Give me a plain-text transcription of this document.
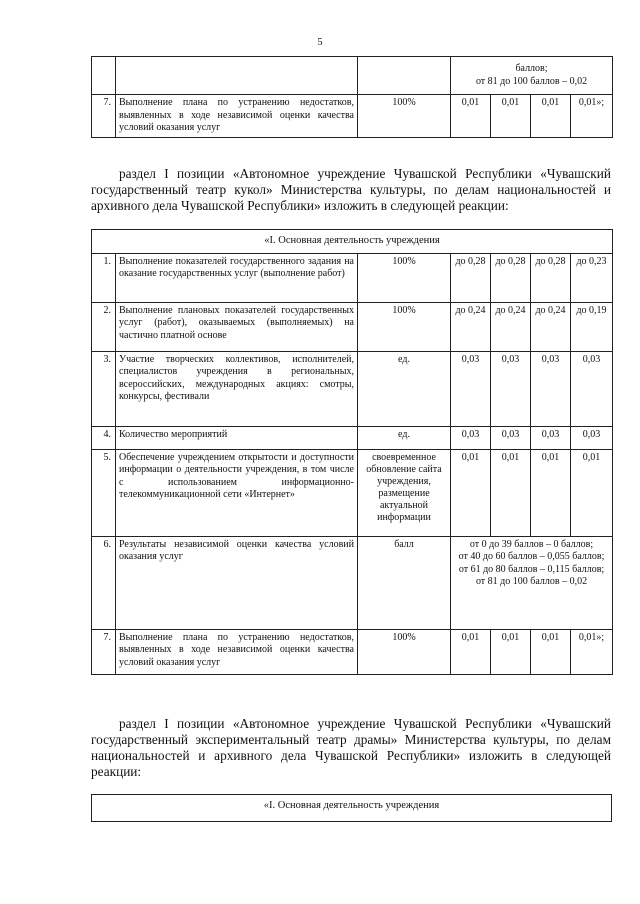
5

			баллов;
от 81 до 100 баллов – 0,02			

7.	Выполнение плана по устранению недостатков, выявленных в ходе независимой оценки качества условий оказания услуг	100%	0,01	0,01	0,01	0,01»;
раздел I позиции «Автономное учреждение Чувашской Республики «Чувашский государственный театр кукол» Министерства культуры, по делам национальностей и архивного дела Чувашской Республики» изложить в следующей реакции:
«I. Основная деятельность учреждения						
1.	Выполнение показателей государственного задания на оказание государственных услуг (выполнение работ)	100%	до 0,28	до 0,28	до 0,28	до 0,23
2.	Выполнение плановых показателей государственных услуг (работ), оказываемых (выполняемых) на частично платной основе	100%	до 0,24	до 0,24	до 0,24	до 0,19
3.	Участие творческих коллективов, исполнителей, специалистов учреждения в региональных, всероссийских, международных акциях: смотры, конкурсы, фестивали	ед.	0,03	0,03	0,03	0,03
4.	Количество мероприятий	ед.	0,03	0,03	0,03	0,03
5.	Обеспечение учреждением открытости и доступности информации о деятельности учреждения, в том числе с использованием информационно-телекоммуникационной сети «Интернет»	своевременное обновление сайта учреждения, размещение актуальной информации	0,01	0,01	0,01	0,01
6.	Результаты независимой оценки качества условий оказания услуг	балл	от 0 до 39 баллов – 0 баллов;
от 40 до 60 баллов – 0,055 баллов;
от 61 до 80 баллов – 0,115 баллов;
от 81 до 100 баллов – 0,02			

7.	Выполнение плана по устранению недостатков, выявленных в ходе независимой оценки качества условий оказания услуг	100%	0,01	0,01	0,01	0,01»;
раздел I позиции «Автономное учреждение Чувашской Республики «Чувашский государственный экспериментальный театр драмы» Министерства культуры, по делам национальностей и архивного дела Чувашской Республики» изложить в следующей реакции:
«I. Основная деятельность учреждения
